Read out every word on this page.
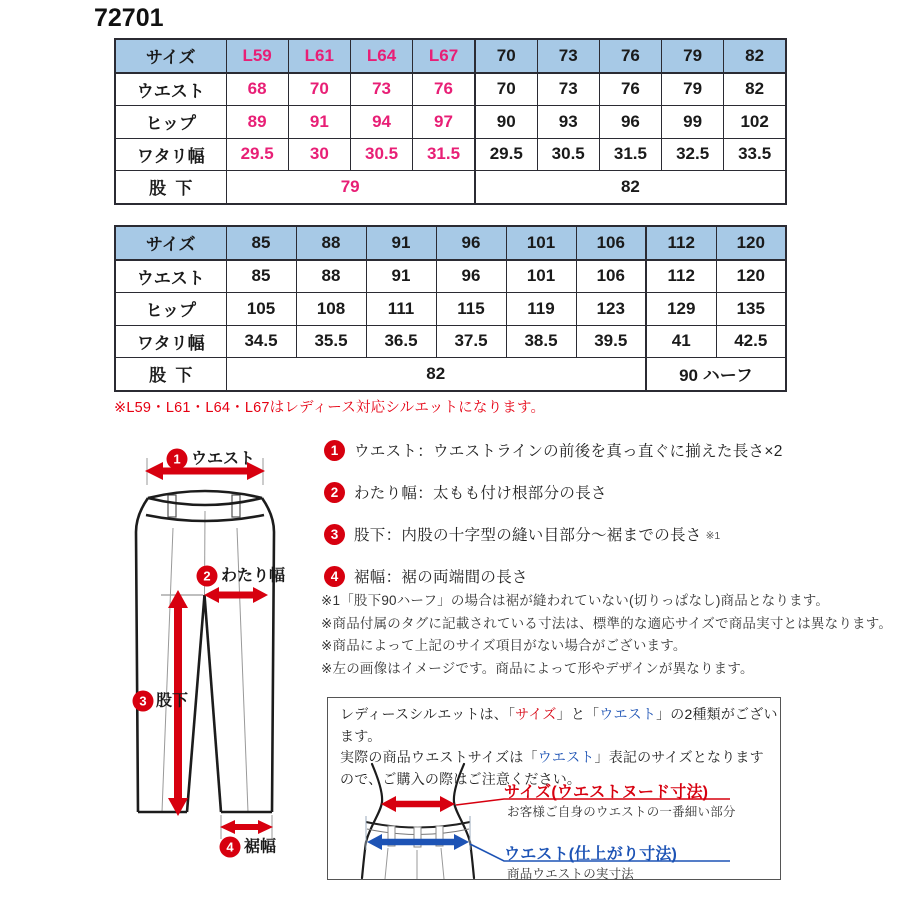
72701
サイズ	L59	L61	L64	L67	70	73	76	79	82
ウエスト	68	70	73	76	70	73	76	79	82
ヒップ	89	91	94	97	90	93	96	99	102
ワタリ幅	29.5	30	30.5	31.5	29.5	30.5	31.5	32.5	33.5
股下	79				82				
サイズ	85	88	91	96	101	106	112	120
ウエスト	85	88	91	96	101	106	112	120
ヒップ	105	108	111	115	119	123	129	135
ワタリ幅	34.5	35.5	36.5	37.5	38.5	39.5	41	42.5
股下	82						90 ハーフ	
※L59・L61・L64・L67はレディース対応シルエットになります。
1
2
3
4
ウエスト
わたり幅
股下
裾幅
1	ウエスト：ウエストラインの前後を真っ直ぐに揃えた長さ×2
2	わたり幅：太もも付け根部分の長さ
3	股下：内股の十字型の縫い目部分～裾までの長さ ※1
4	裾幅：裾の両端間の長さ
※1「股下90ハーフ」の場合は裾が縫われていない(切りっぱなし)商品となります。
※商品付属のタグに記載されている寸法は、標準的な適応サイズで商品実寸とは異なります。
※商品によって上記のサイズ項目がない場合がございます。
※左の画像はイメージです。商品によって形やデザインが異なります。
レディースシルエットは、「サイズ」と「ウエスト」の2種類がございます。
実際の商品ウエストサイズは「ウエスト」表記のサイズとなります
ので、ご購入の際はご注意ください。
サイズ(ウエストヌード寸法)
お客様ご自身のウエストの一番細い部分
ウエスト(仕上がり寸法)
商品ウエストの実寸法
